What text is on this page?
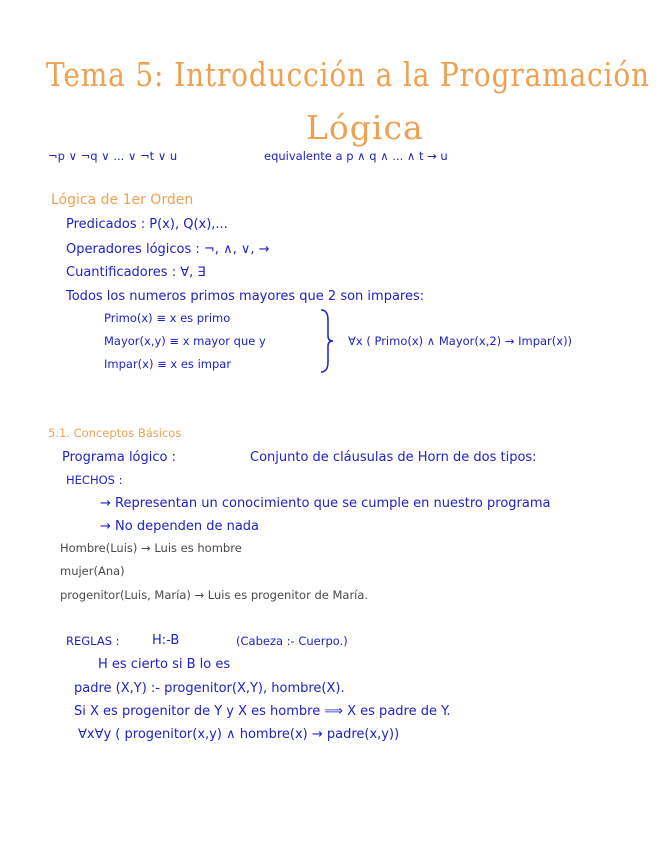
Tema 5: Introducción a la Programación
Lógica
¬p ∨ ¬q ∨ ... ∨ ¬t ∨ u	equivalente a p ∧ q ∧ ... ∧ t → u
Lógica de 1er Orden
Predicados : P(x), Q(x),...
Operadores lógicos : ¬, ∧, ∨, →
Cuantificadores : ∀, ∃
Todos los numeros primos mayores que 2 son impares:
Primo(x) ≡ x es primo
Mayor(x,y) ≡ x mayor que y
Impar(x) ≡ x es impar
∀x ( Primo(x) ∧ Mayor(x,2) → Impar(x))
5.1. Conceptos Básicos
Programa lógico :	Conjunto de cláusulas de Horn de dos tipos:
HECHOS :
→ Representan un conocimiento que se cumple en nuestro programa
→ No dependen de nada
Hombre(Luis) → Luis es hombre
mujer(Ana)
progenitor(Luis, María) → Luis es progenitor de María.
REGLAS : H:-B	(Cabeza :- Cuerpo.)
H es cierto si B lo es
padre (X,Y) :- progenitor(X,Y), hombre(X).
Si X es progenitor de Y y X es hombre ⟹ X es padre de Y.
∀x∀y ( progenitor(x,y) ∧ hombre(x) → padre(x,y))
